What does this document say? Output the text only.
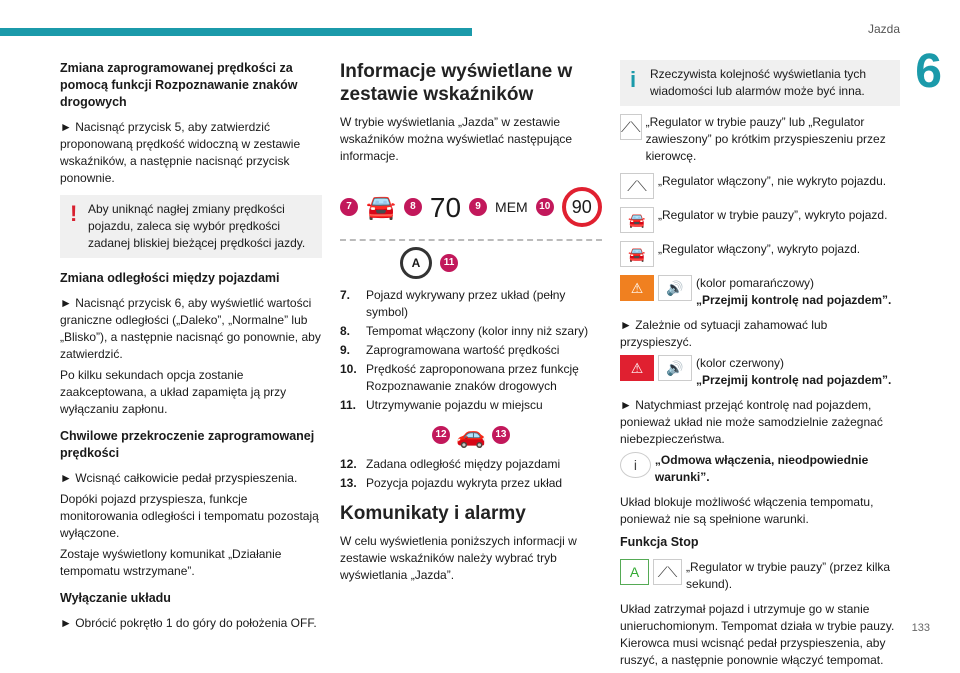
Jazda
6
133
Zmiana zaprogramowanej prędkości za pomocą funkcji Rozpoznawanie znaków drogowych

► Nacisnąć przycisk 5, aby zatwierdzić proponowaną prędkość widoczną w zestawie wskaźników, a następnie nacisnąć przycisk ponownie.

! Aby uniknąć nagłej zmiany prędkości pojazdu, zaleca się wybór prędkości zadanej bliskiej bieżącej prędkości jazdy.
Zmiana odległości między pojazdami

► Nacisnąć przycisk 6, aby wyświetlić wartości graniczne odległości („Daleko”, „Normalne” lub „Blisko”), a następnie nacisnąć go ponownie, aby zatwierdzić.

Po kilku sekundach opcja zostanie zaakceptowana, a układ zapamięta ją przy wyłączaniu zapłonu.

Chwilowe przekroczenie zaprogramowanej prędkości

► Wcisnąć całkowicie pedał przyspieszenia.

Dopóki pojazd przyspiesza, funkcje monitorowania odległości i tempomatu pozostają wyłączone.

Zostaje wyświetlony komunikat „Działanie tempomatu wstrzymane”.

Wyłączanie układu

► Obrócić pokrętło 1 do góry do położenia OFF.

Informacje wyświetlane w zestawie wskaźników

W trybie wyświetlania „Jazda” w zestawie wskaźników można wyświetlać następujące informacje.

7 🚘	8 70	9	MEM	10	90
A	11
7.	Pojazd wykrywany przez układ (pełny symbol)
8.	Tempomat włączony (kolor inny niż szary)
9.	Zaprogramowana wartość prędkości
10. Prędkość zaproponowana przez funkcję Rozpoznawanie znaków drogowych
11. Utrzymywanie pojazdu w miejscu
12 🚗 13
12. Zadana odległość między pojazdami
13. Pozycja pojazdu wykryta przez układ
Komunikaty i alarmy

W celu wyświetlenia poniższych informacji w zestawie wskaźników należy wybrać tryb wyświetlania „Jazda”.

i	Rzeczywista kolejność wyświetlania tych wiadomości lub alarmów może być inna.
⟋⟍ „Regulator w trybie pauzy” lub „Regulator zawieszony” po krótkim przyspieszeniu przez kierowcę.
⟋⟍ „Regulator włączony”, nie wykryto pojazdu.
🚘	„Regulator w trybie pauzy”, wykryto pojazd.
🚘	„Regulator włączony”, wykryto pojazd.
⚠	🔊	(kolor pomarańczowy)
„Przejmij kontrolę nad pojazdem”.

► Zależnie od sytuacji zahamować lub przyspieszyć.

⚠	🔊	(kolor czerwony)
„Przejmij kontrolę nad pojazdem”.

► Natychmiast przejąć kontrolę nad pojazdem, ponieważ układ nie może samodzielnie zażegnać niebezpieczeństwa.

i	„Odmowa włączenia, nieodpowiednie warunki”.

Układ blokuje możliwość włączenia tempomatu, ponieważ nie są spełnione warunki.

Funkcja Stop
A	⟋⟍ „Regulator w trybie pauzy” (przez kilka sekund).

Układ zatrzymał pojazd i utrzymuje go w stanie unieruchomionym. Tempomat działa w trybie pauzy. Kierowca musi wcisnąć pedał przyspieszenia, aby ruszyć, a następnie ponownie włączyć tempomat.
